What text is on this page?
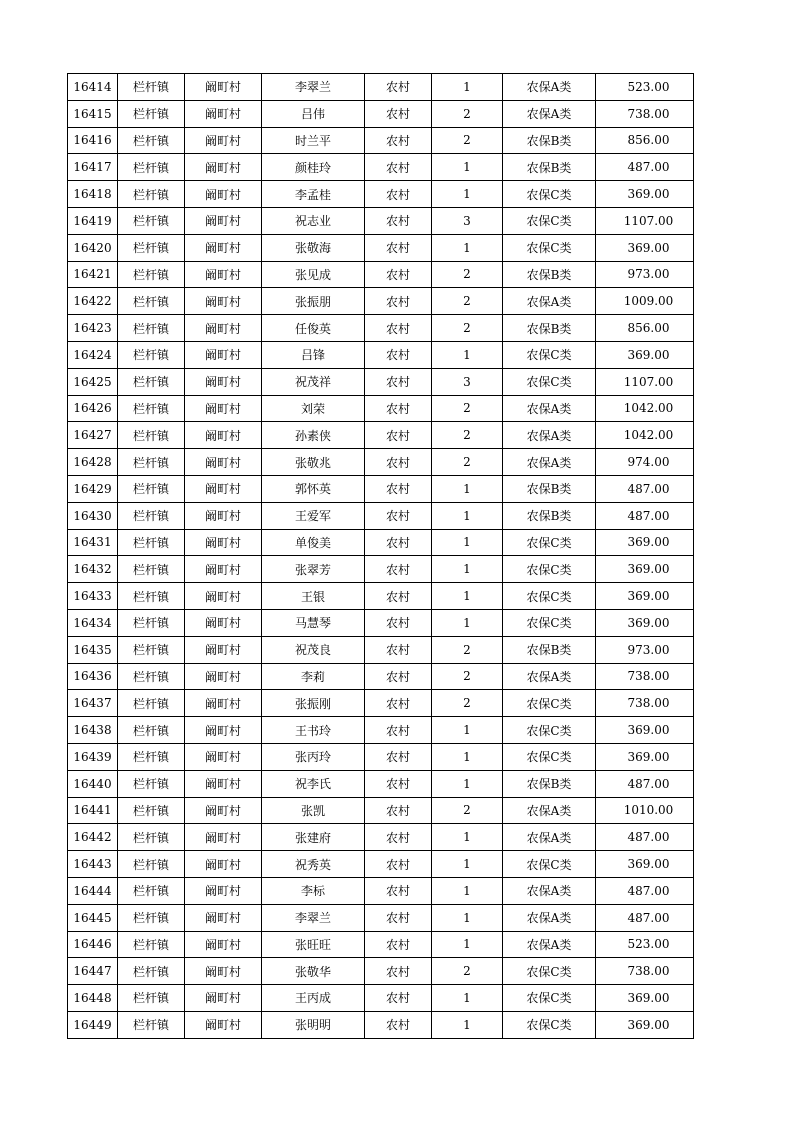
16414	栏杆镇	阚町村	李翠兰	农村	1	农保A类	523.00
16415	栏杆镇	阚町村	吕伟	农村	2	农保A类	738.00
16416	栏杆镇	阚町村	时兰平	农村	2	农保B类	856.00
16417	栏杆镇	阚町村	颜桂玲	农村	1	农保B类	487.00
16418	栏杆镇	阚町村	李孟桂	农村	1	农保C类	369.00
16419	栏杆镇	阚町村	祝志业	农村	3	农保C类	1107.00
16420	栏杆镇	阚町村	张敬海	农村	1	农保C类	369.00
16421	栏杆镇	阚町村	张见成	农村	2	农保B类	973.00
16422	栏杆镇	阚町村	张振朋	农村	2	农保A类	1009.00
16423	栏杆镇	阚町村	任俊英	农村	2	农保B类	856.00
16424	栏杆镇	阚町村	吕锋	农村	1	农保C类	369.00
16425	栏杆镇	阚町村	祝茂祥	农村	3	农保C类	1107.00
16426	栏杆镇	阚町村	刘荣	农村	2	农保A类	1042.00
16427	栏杆镇	阚町村	孙素侠	农村	2	农保A类	1042.00
16428	栏杆镇	阚町村	张敬兆	农村	2	农保A类	974.00
16429	栏杆镇	阚町村	郭怀英	农村	1	农保B类	487.00
16430	栏杆镇	阚町村	王爱军	农村	1	农保B类	487.00
16431	栏杆镇	阚町村	单俊美	农村	1	农保C类	369.00
16432	栏杆镇	阚町村	张翠芳	农村	1	农保C类	369.00
16433	栏杆镇	阚町村	王银	农村	1	农保C类	369.00
16434	栏杆镇	阚町村	马慧琴	农村	1	农保C类	369.00
16435	栏杆镇	阚町村	祝茂良	农村	2	农保B类	973.00
16436	栏杆镇	阚町村	李莉	农村	2	农保A类	738.00
16437	栏杆镇	阚町村	张振刚	农村	2	农保C类	738.00
16438	栏杆镇	阚町村	王书玲	农村	1	农保C类	369.00
16439	栏杆镇	阚町村	张丙玲	农村	1	农保C类	369.00
16440	栏杆镇	阚町村	祝李氏	农村	1	农保B类	487.00
16441	栏杆镇	阚町村	张凯	农村	2	农保A类	1010.00
16442	栏杆镇	阚町村	张建府	农村	1	农保A类	487.00
16443	栏杆镇	阚町村	祝秀英	农村	1	农保C类	369.00
16444	栏杆镇	阚町村	李标	农村	1	农保A类	487.00
16445	栏杆镇	阚町村	李翠兰	农村	1	农保A类	487.00
16446	栏杆镇	阚町村	张旺旺	农村	1	农保A类	523.00
16447	栏杆镇	阚町村	张敬华	农村	2	农保C类	738.00
16448	栏杆镇	阚町村	王丙成	农村	1	农保C类	369.00
16449	栏杆镇	阚町村	张明明	农村	1	农保C类	369.00
